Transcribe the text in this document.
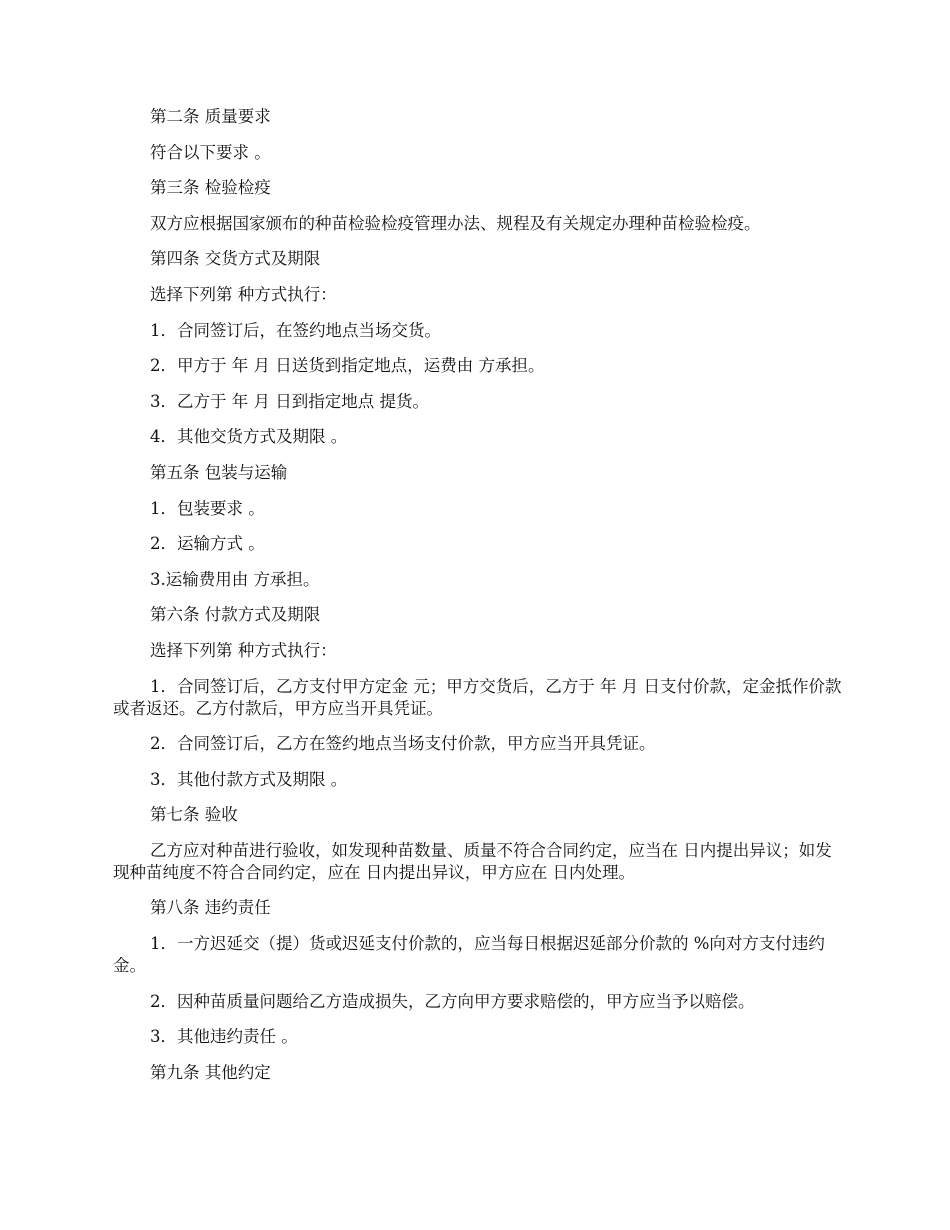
第二条 质量要求

符合以下要求 。

第三条 检验检疫

双方应根据国家颁布的种苗检验检疫管理办法、规程及有关规定办理种苗检验检疫。

第四条 交货方式及期限

选择下列第 种方式执行：

1．合同签订后，在签约地点当场交货。

2．甲方于 年 月 日送货到指定地点，运费由 方承担。

3．乙方于 年 月 日到指定地点 提货。

4．其他交货方式及期限 。

第五条 包装与运输

1．包装要求 。

2．运输方式 。

3.运输费用由 方承担。

第六条 付款方式及期限

选择下列第 种方式执行：

1．合同签订后，乙方支付甲方定金 元；甲方交货后，乙方于 年 月 日支付价款，定金抵作价款或者返还。乙方付款后，甲方应当开具凭证。

2．合同签订后，乙方在签约地点当场支付价款，甲方应当开具凭证。

3．其他付款方式及期限 。

第七条 验收

乙方应对种苗进行验收，如发现种苗数量、质量不符合合同约定，应当在 日内提出异议；如发现种苗纯度不符合合同约定，应在 日内提出异议，甲方应在 日内处理。

第八条 违约责任

1．一方迟延交（提）货或迟延支付价款的，应当每日根据迟延部分价款的 %向对方支付违约金。

2．因种苗质量问题给乙方造成损失，乙方向甲方要求赔偿的，甲方应当予以赔偿。

3．其他违约责任 。

第九条 其他约定
